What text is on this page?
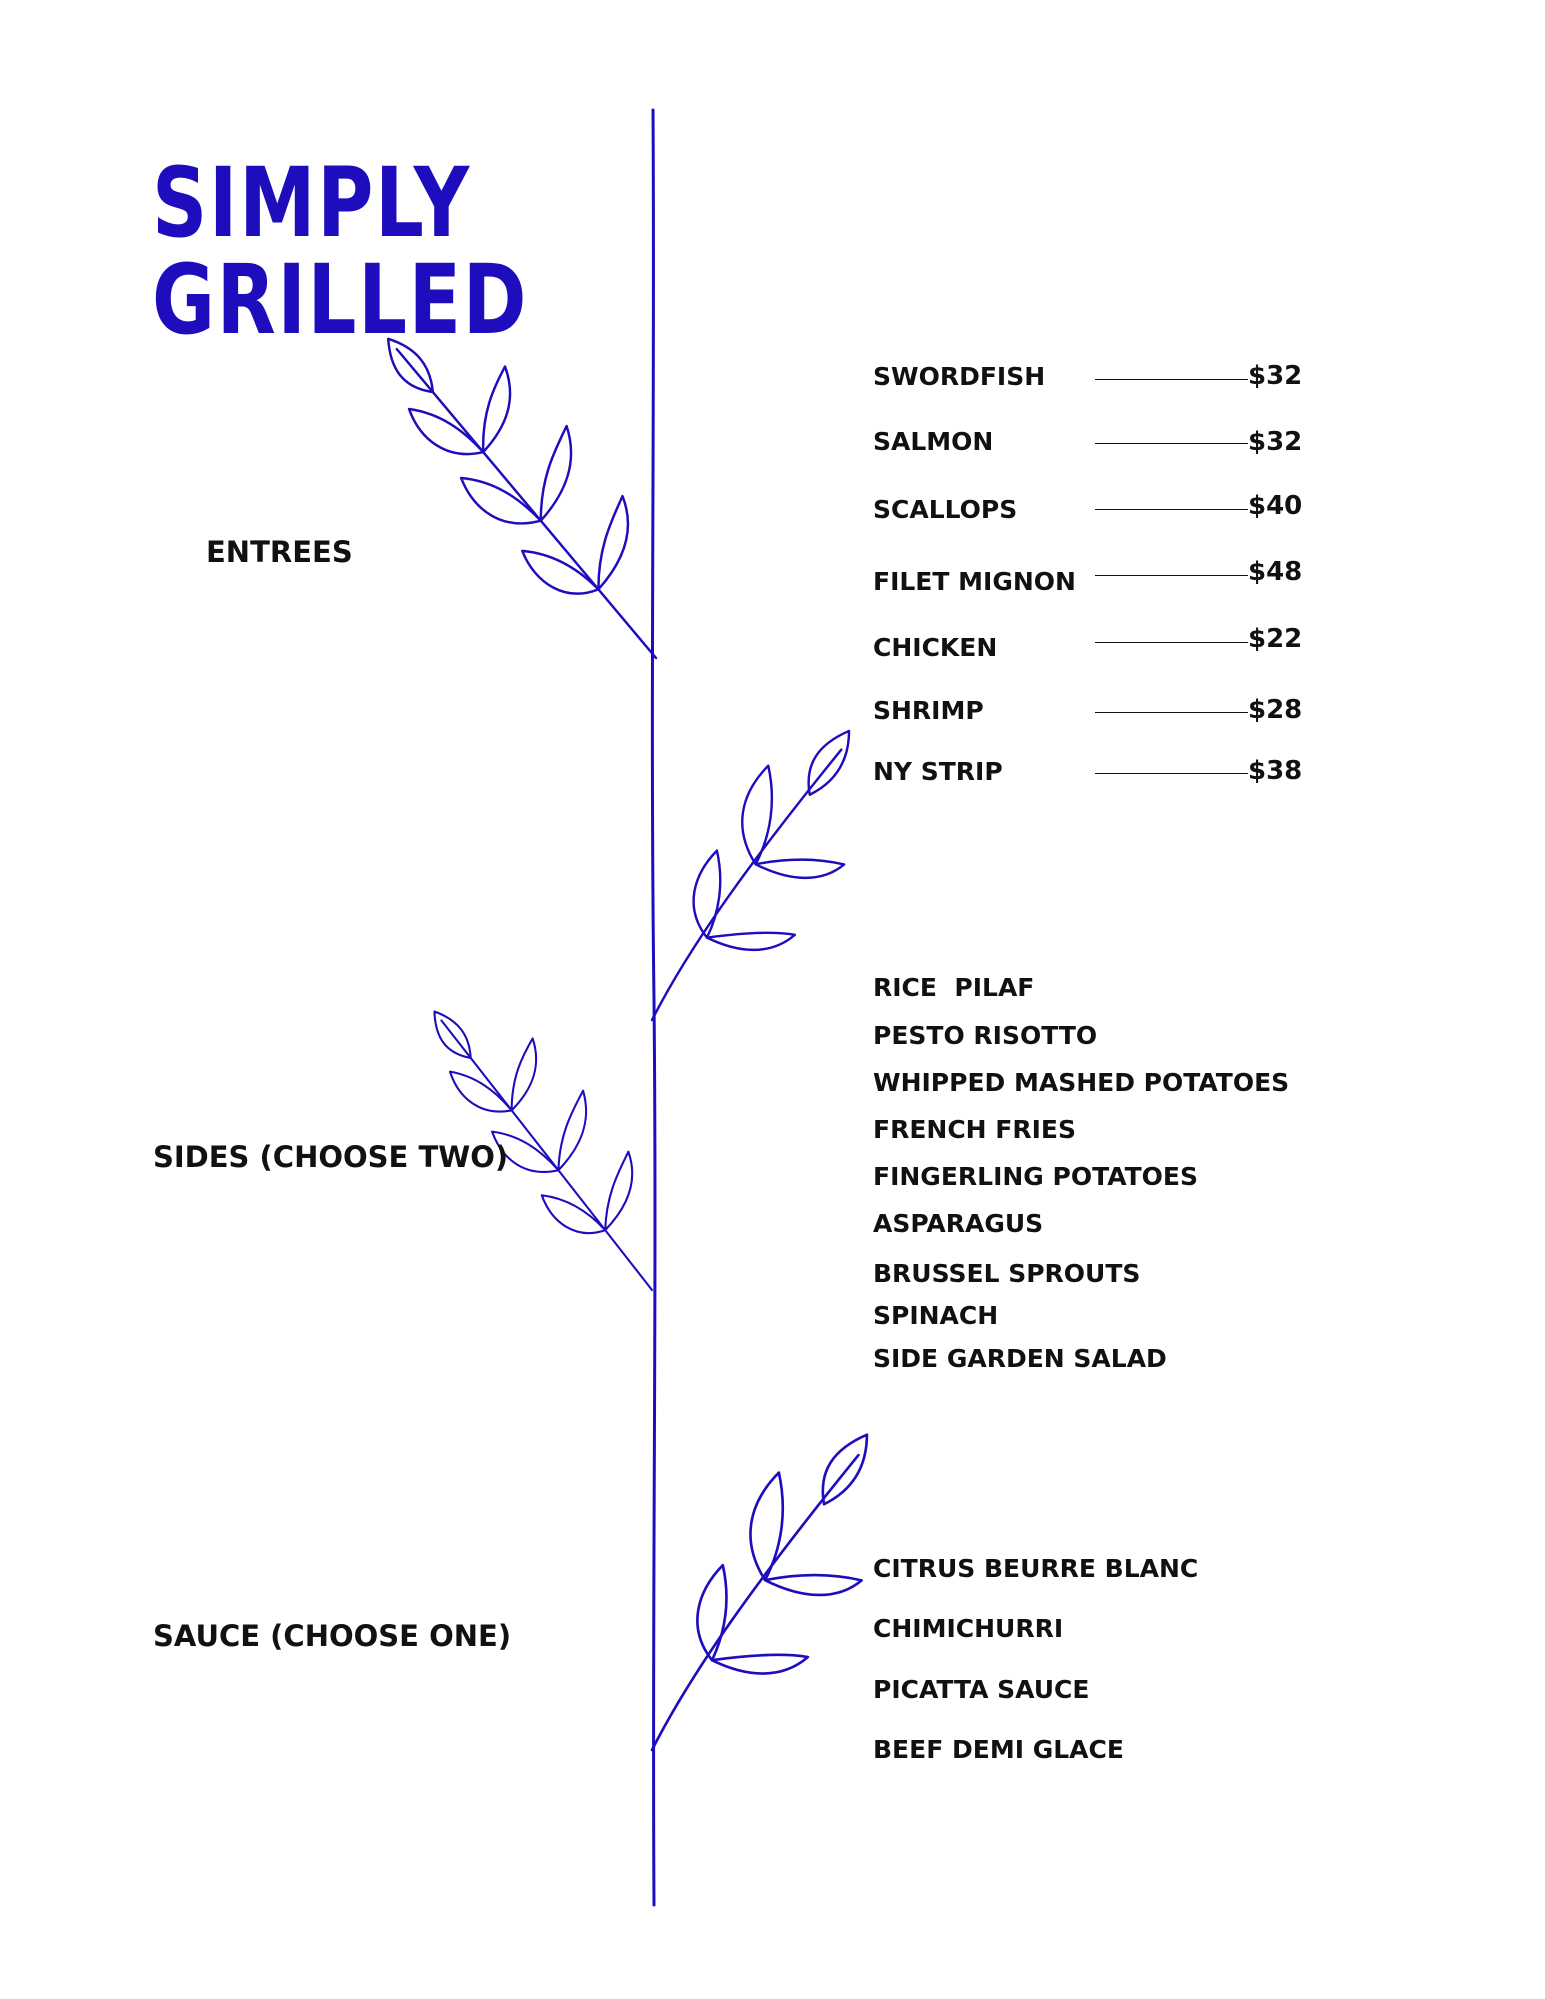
SIMPLY
GRILLED
ENTREES
SIDES (CHOOSE TWO)
SAUCE (CHOOSE ONE)
SWORDFISH	$32
SALMON	$32
SCALLOPS	$40
FILET MIGNON	$48
CHICKEN	$22
SHRIMP	$28
NY STRIP	$38
RICE  PILAF
PESTO RISOTTO
WHIPPED MASHED POTATOES
FRENCH FRIES
FINGERLING POTATOES
ASPARAGUS
BRUSSEL SPROUTS
SPINACH
SIDE GARDEN SALAD
CITRUS BEURRE BLANC
CHIMICHURRI
PICATTA SAUCE
BEEF DEMI GLACE
